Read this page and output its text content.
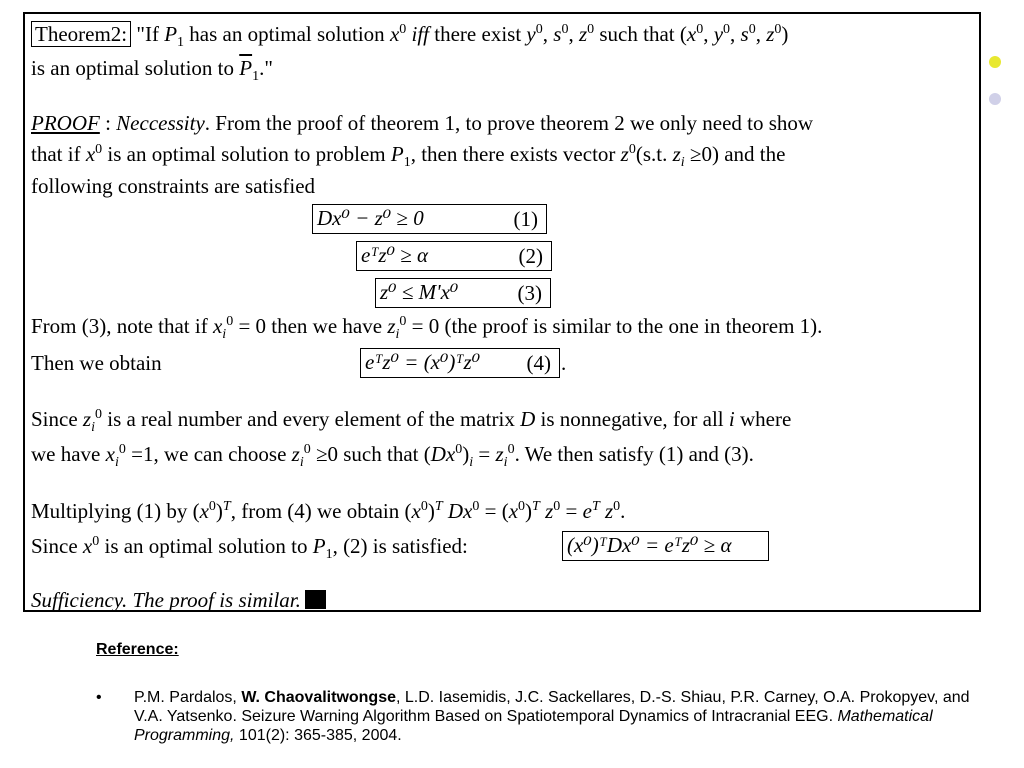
Theorem2: "If $P_1$ has an optimal solution $x^0$ iff there exist $y^0$, $s^0$, $z^0$ such that ($x^0$, $y^0$, $s^0$, $z^0$)
is an optimal solution to $\overline{P}_1$."
PROOF : Neccessity. From the proof of theorem 1, to prove theorem 2 we only need to show
that if $x^0$ is an optimal solution to problem $P_1$, then there exists vector $z^0(s.t$. $z_i \ge 0$) and the
following constraints are satisfied
Dx⁰ − z⁰ ≥ 0	(1)
eᵀz⁰ ≥ α	(2)
z⁰ ≤ M'x⁰	(3)
From (3), note that if $x_i^0 = 0$ then we have $z_i^0 = 0$ (the proof is similar to the one in theorem 1).
Then we obtain	eᵀz⁰ = (x⁰)ᵀz⁰ (4) .
Since $z_i^0$ is a real number and every element of the matrix D is nonnegative, for all i where
we have $x_i^0 =1$, we can choose $z_i^0 \ge 0$ such that $(Dx^0)_i = z_i^0$. We then satisfy (1) and (3).
Multiplying (1) by $(x^0)^T$, from (4) we obtain $(x^0)^T$ $Dx^0 = (x^0)^T$ $z^0 = e^T$ $z^0$.
Since $x^0$ is an optimal solution to $P_1$, (2) is satisfied:	(x⁰)ᵀDx⁰ = eᵀz⁰ ≥ α
Sufficiency. The proof is similar.
Reference:
• P.M. Pardalos, W. Chaovalitwongse, L.D. Iasemidis, J.C. Sackellares, D.-S. Shiau, P.R. Carney, O.A. Prokopyev, and V.A. Yatsenko. Seizure Warning Algorithm Based on Spatiotemporal Dynamics of Intracranial EEG. Mathematical Programming, 101(2): 365-385, 2004.
